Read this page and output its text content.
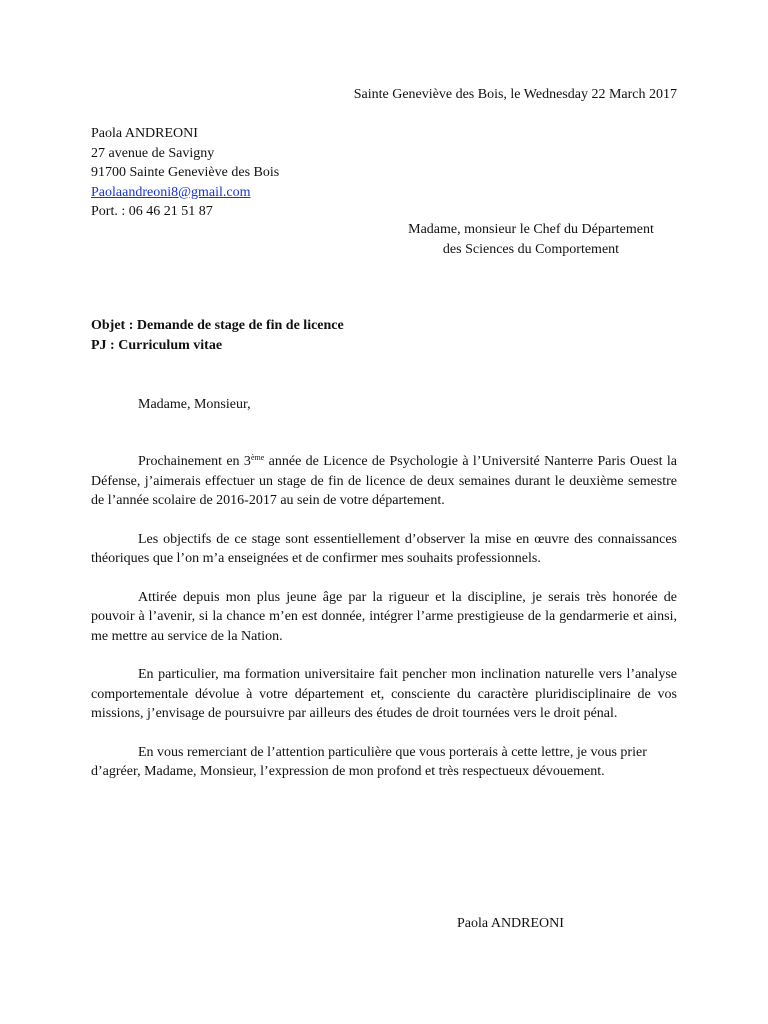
Sainte Geneviève des Bois, le Wednesday 22 March 2017
Paola ANDREONI
27 avenue de Savigny
91700 Sainte Geneviève des Bois
Paolaandreoni8@gmail.com
Port. : 06 46 21 51 87
Madame, monsieur le Chef du Département
des Sciences du Comportement
Objet : Demande de stage de fin de licence
PJ : Curriculum vitae
Madame, Monsieur,

Prochainement en 3ème année de Licence de Psychologie à l’Université Nanterre Paris Ouest la Défense, j’aimerais effectuer un stage de fin de licence de deux semaines durant le deuxième semestre de l’année scolaire de 2016-2017 au sein de votre département.

Les objectifs de ce stage sont essentiellement d’observer la mise en œuvre des connaissances théoriques que l’on m’a enseignées et de confirmer mes souhaits professionnels.

Attirée depuis mon plus jeune âge par la rigueur et la discipline, je serais très honorée de pouvoir à l’avenir, si la chance m’en est donnée, intégrer l’arme prestigieuse de la gendarmerie et ainsi, me mettre au service de la Nation.

En particulier, ma formation universitaire fait pencher mon inclination naturelle vers l’analyse comportementale dévolue à votre département et, consciente du caractère pluridisciplinaire de vos missions, j’envisage de poursuivre par ailleurs des études de droit tournées vers le droit pénal.

En vous remerciant de l’attention particulière que vous porterais à cette lettre, je vous prier d’agréer, Madame, Monsieur, l’expression de mon profond et très respectueux dévouement.

Paola ANDREONI
